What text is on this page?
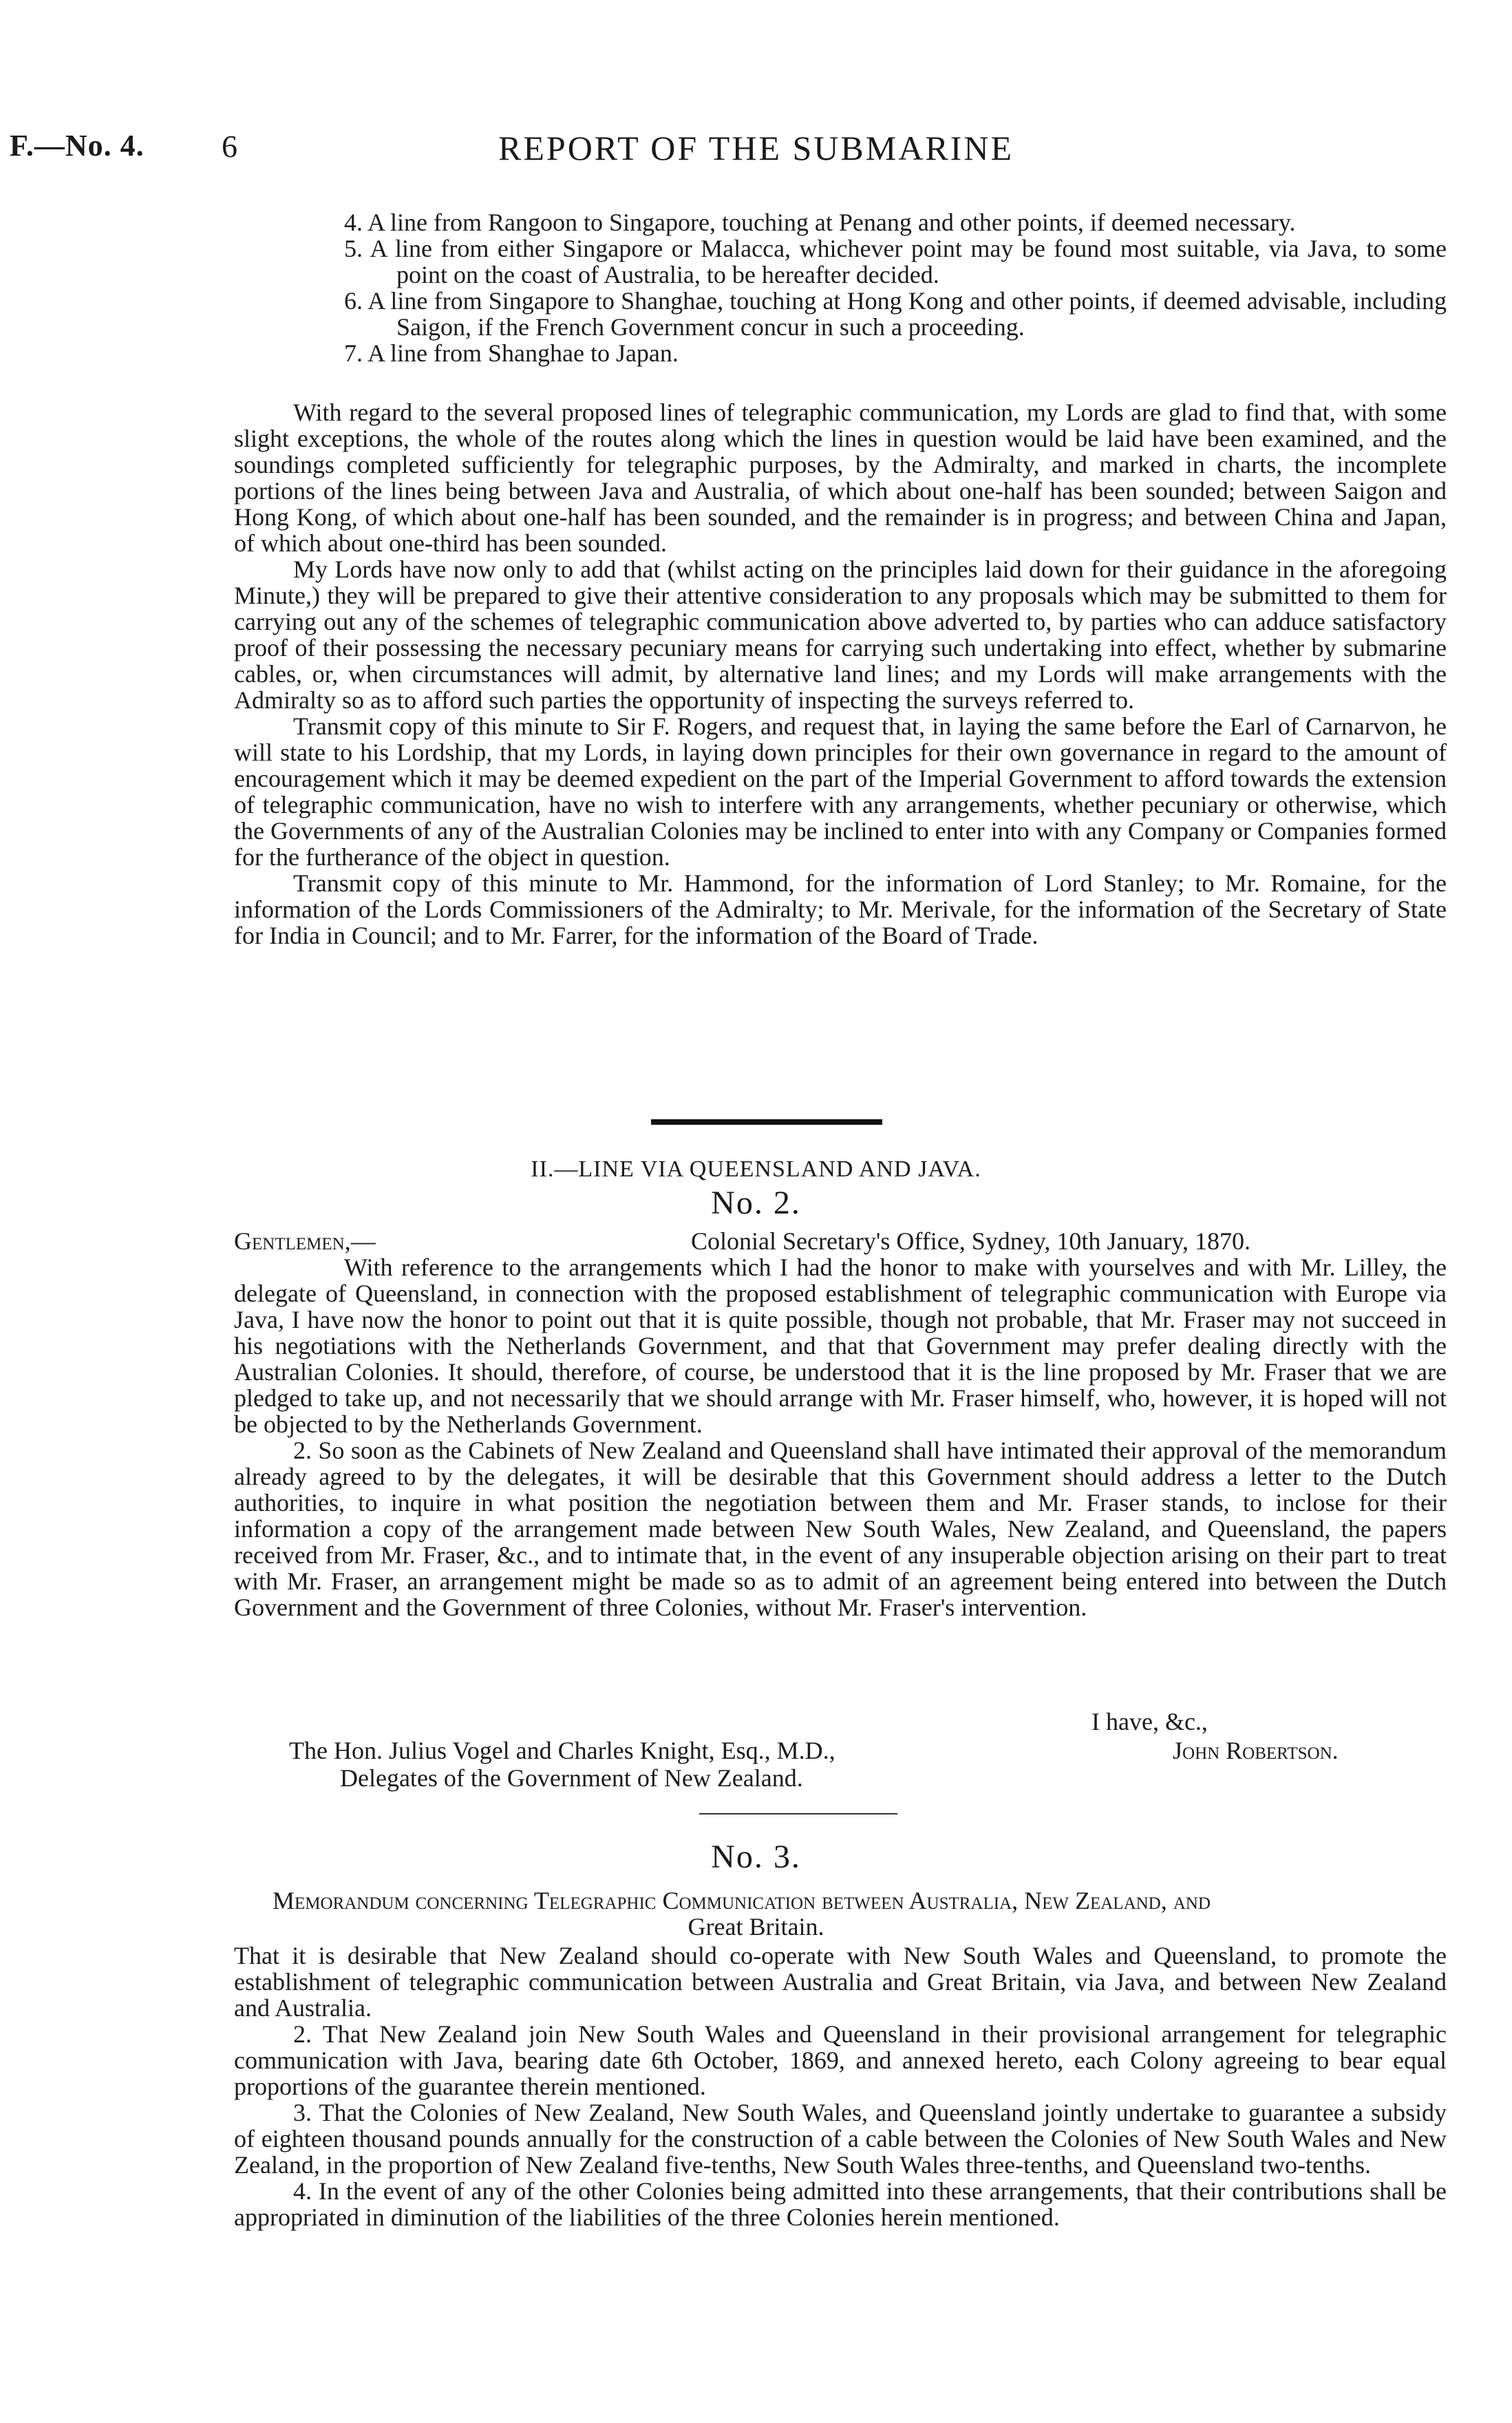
F.—No. 4. 6	REPORT OF THE SUBMARINE

4. A line from Rangoon to Singapore, touching at Penang and other points, if deemed necessary.

5. A line from either Singapore or Malacca, whichever point may be found most suitable, via Java, to some point on the coast of Australia, to be hereafter decided.

6. A line from Singapore to Shanghae, touching at Hong Kong and other points, if deemed advisable, including Saigon, if the French Government concur in such a proceeding.

7. A line from Shanghae to Japan.

With regard to the several proposed lines of telegraphic communication, my Lords are glad to find that, with some slight exceptions, the whole of the routes along which the lines in question would be laid have been examined, and the soundings completed sufficiently for telegraphic purposes, by the Admiralty, and marked in charts, the incomplete portions of the lines being between Java and Australia, of which about one-half has been sounded; between Saigon and Hong Kong, of which about one-half has been sounded, and the remainder is in progress; and between China and Japan, of which about one-third has been sounded.

My Lords have now only to add that (whilst acting on the principles laid down for their guidance in the aforegoing Minute,) they will be prepared to give their attentive consideration to any proposals which may be submitted to them for carrying out any of the schemes of telegraphic communication above adverted to, by parties who can adduce satisfactory proof of their possessing the necessary pecuniary means for carrying such undertaking into effect, whether by submarine cables, or, when circumstances will admit, by alternative land lines; and my Lords will make arrangements with the Admiralty so as to afford such parties the opportunity of inspecting the surveys referred to.

Transmit copy of this minute to Sir F. Rogers, and request that, in laying the same before the Earl of Carnarvon, he will state to his Lordship, that my Lords, in laying down principles for their own governance in regard to the amount of encouragement which it may be deemed expedient on the part of the Imperial Government to afford towards the extension of telegraphic communication, have no wish to interfere with any arrangements, whether pecuniary or otherwise, which the Governments of any of the Australian Colonies may be inclined to enter into with any Company or Companies formed for the furtherance of the object in question.

Transmit copy of this minute to Mr. Hammond, for the information of Lord Stanley; to Mr. Romaine, for the information of the Lords Commissioners of the Admiralty; to Mr. Merivale, for the information of the Secretary of State for India in Council; and to Mr. Farrer, for the information of the Board of Trade.

II.—LINE VIA QUEENSLAND AND JAVA.
No. 2.
Gentlemen,—	Colonial Secretary's Office, Sydney, 10th January, 1870.

With reference to the arrangements which I had the honor to make with yourselves and with Mr. Lilley, the delegate of Queensland, in connection with the proposed establishment of telegraphic communication with Europe via Java, I have now the honor to point out that it is quite possible, though not probable, that Mr. Fraser may not succeed in his negotiations with the Netherlands Government, and that that Government may prefer dealing directly with the Australian Colonies. It should, therefore, of course, be understood that it is the line proposed by Mr. Fraser that we are pledged to take up, and not necessarily that we should arrange with Mr. Fraser himself, who, however, it is hoped will not be objected to by the Netherlands Government.

2. So soon as the Cabinets of New Zealand and Queensland shall have intimated their approval of the memorandum already agreed to by the delegates, it will be desirable that this Government should address a letter to the Dutch authorities, to inquire in what position the negotiation between them and Mr. Fraser stands, to inclose for their information a copy of the arrangement made between New South Wales, New Zealand, and Queensland, the papers received from Mr. Fraser, &c., and to intimate that, in the event of any insuperable objection arising on their part to treat with Mr. Fraser, an arrangement might be made so as to admit of an agreement being entered into between the Dutch Government and the Government of three Colonies, without Mr. Fraser's intervention.

I have, &c.,
John Robertson.
The Hon. Julius Vogel and Charles Knight, Esq., M.D.,
Delegates of the Government of New Zealand.
No. 3.
Memorandum concerning Telegraphic Communication between Australia, New Zealand, and
Great Britain.

That it is desirable that New Zealand should co-operate with New South Wales and Queensland, to promote the establishment of telegraphic communication between Australia and Great Britain, via Java, and between New Zealand and Australia.

2. That New Zealand join New South Wales and Queensland in their provisional arrangement for telegraphic communication with Java, bearing date 6th October, 1869, and annexed hereto, each Colony agreeing to bear equal proportions of the guarantee therein mentioned.

3. That the Colonies of New Zealand, New South Wales, and Queensland jointly undertake to guarantee a subsidy of eighteen thousand pounds annually for the construction of a cable between the Colonies of New South Wales and New Zealand, in the proportion of New Zealand five-tenths, New South Wales three-tenths, and Queensland two-tenths.

4. In the event of any of the other Colonies being admitted into these arrangements, that their contributions shall be appropriated in diminution of the liabilities of the three Colonies herein mentioned.
